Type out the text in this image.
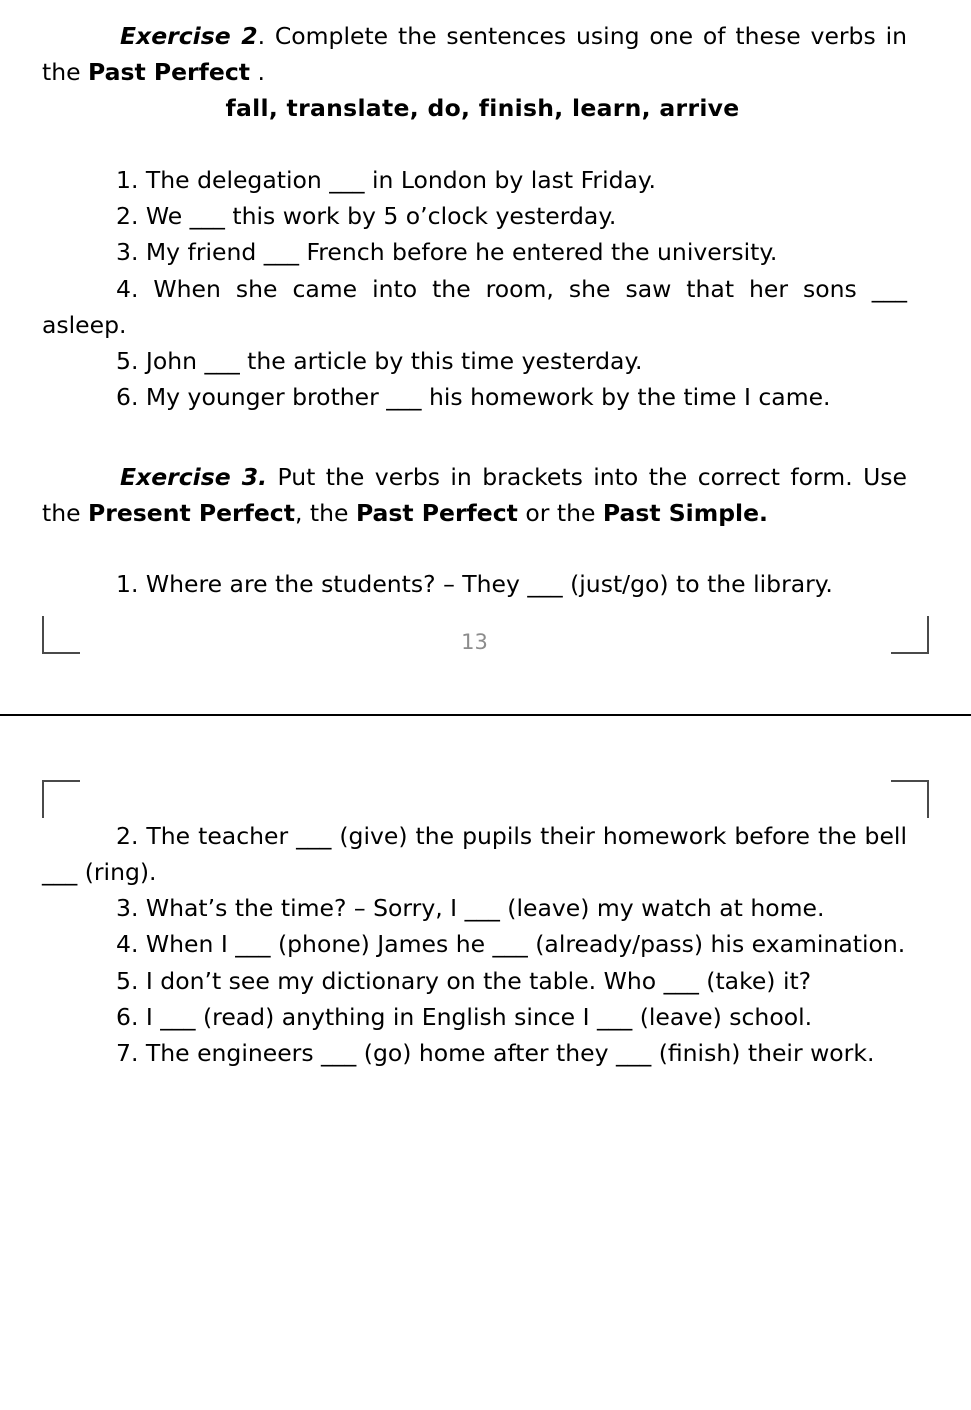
Exercise 2. Complete the sentences using one of these verbs in the Past Perfect .

fall, translate, do, finish, learn, arrive

1. The delegation ___ in London by last Friday.

2. We ___ this work by 5 o’clock yesterday.

3. My friend ___ French before he entered the university.

4. When she came into the room, she saw that her sons ___ asleep.

5. John ___ the article by this time yesterday.

6. My younger brother ___ his homework by the time I came.

Exercise 3. Put the verbs in brackets into the correct form. Use the Present Perfect, the Past Perfect or the Past Simple.

1. Where are the students? – They ___ (just/go) to the library.

13

2. The teacher ___ (give) the pupils their homework before the bell ___ (ring).

3. What’s the time? – Sorry, I ___ (leave) my watch at home.

4. When I ___ (phone) James he ___ (already/pass) his examination.

5. I don’t see my dictionary on the table. Who ___ (take) it?

6. I ___ (read) anything in English since I ___ (leave) school.

7. The engineers ___ (go) home after they ___ (finish) their work.
